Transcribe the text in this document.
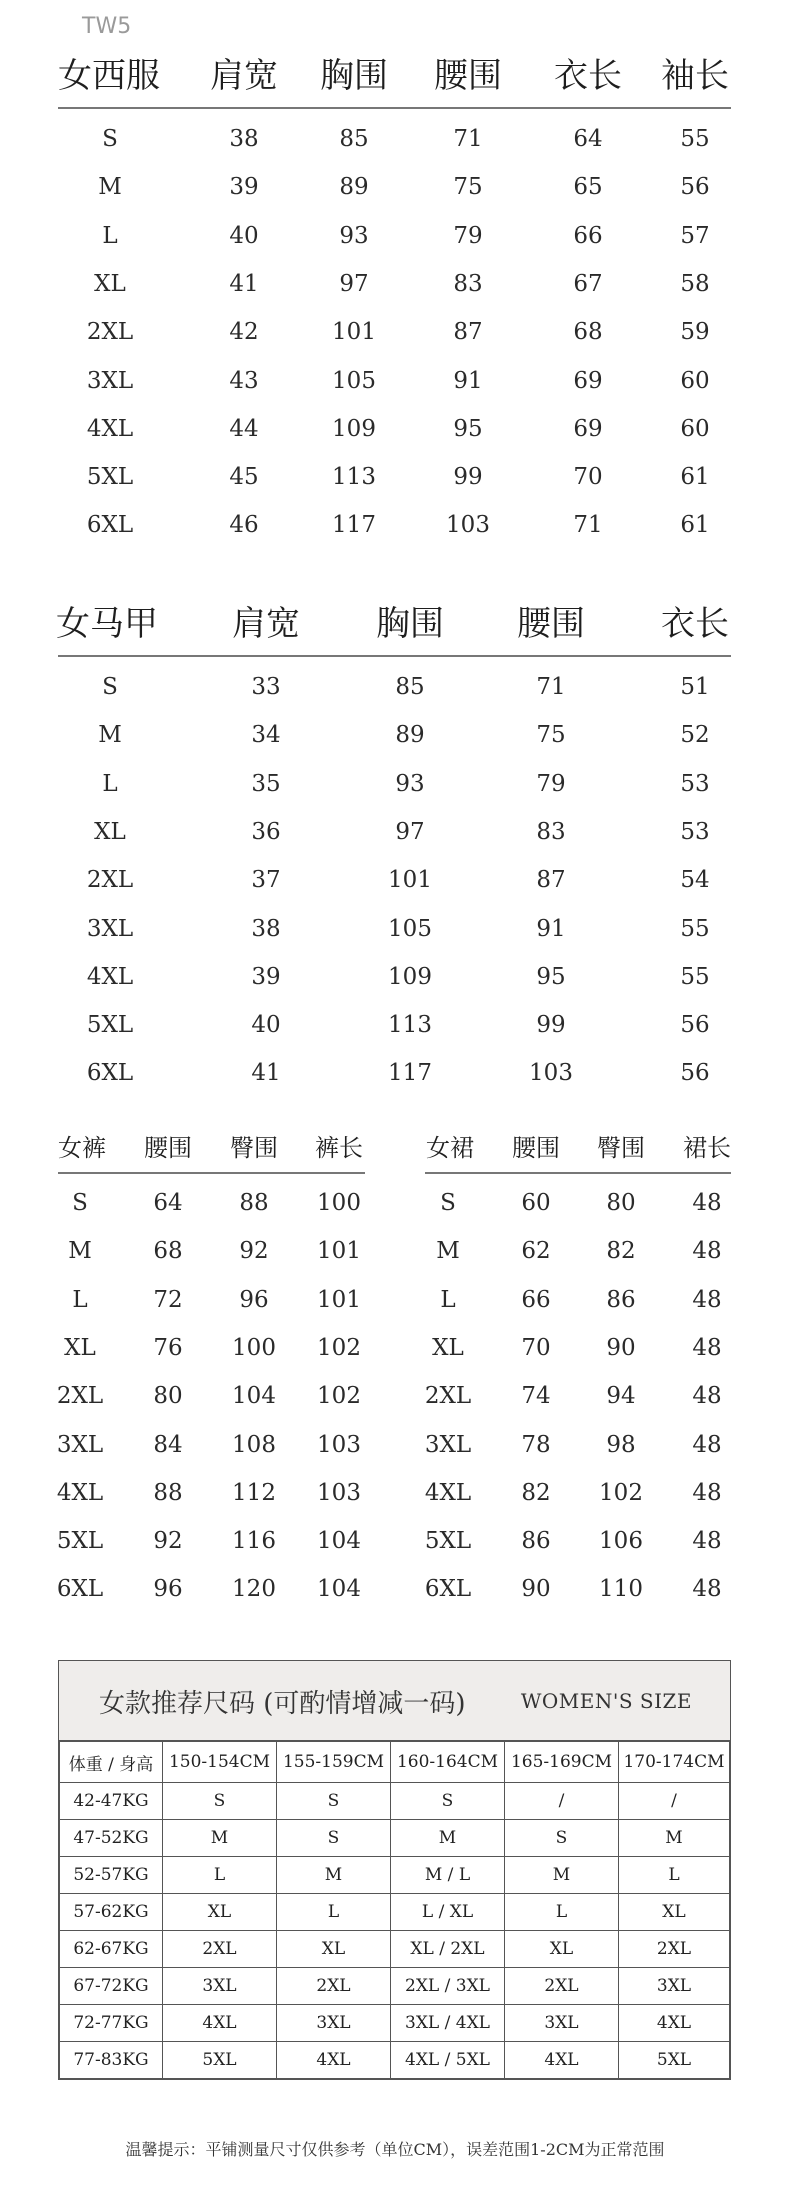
TW5
女西服 肩宽 胸围 腰围 衣长 袖长
S	38	85	71	64	55
M	39	89	75	65	56
L	40	93	79	66	57
XL	41	97	83	67	58
2XL	42	101	87	68	59
3XL	43	105	91	69	60
4XL	44	109	95	69	60
5XL	45	113	99	70	61
6XL	46	117	103	71	61
女马甲 肩宽 胸围 腰围 衣长
S	33	85	71	51
M	34	89	75	52
L	35	93	79	53
XL	36	97	83	53
2XL	37	101	87	54
3XL	38	105	91	55
4XL	39	109	95	55
5XL	40	113	99	56
6XL	41	117	103	56
女裤 腰围 臀围 裤长
S	64 88 100
M	68 92 101
L	72 96 101
XL	76 100 102
2XL 80 104 102
3XL 84 108 103
4XL 88 112 103
5XL 92 116 104
6XL 96 120 104
女裙 腰围 臀围 裙长
S	60 80 48
M	62 82 48
L	66 86 48
XL	70 90 48
2XL 74 94 48
3XL 78 98 48
4XL 82 102 48
5XL 86 106 48
6XL 90 110 48
女款推荐尺码 (可酌情增减一码)	WOMEN'S SIZE
体重 / 身高	150-154CM	155-159CM	160-164CM	165-169CM	170-174CM
42-47KG	S	S	S	/	/
47-52KG	M	S	M	S	M
52-57KG	L	M	M / L	M	L
57-62KG	XL	L	L / XL	L	XL
62-67KG	2XL	XL	XL / 2XL	XL	2XL
67-72KG	3XL	2XL	2XL / 3XL	2XL	3XL
72-77KG	4XL	3XL	3XL / 4XL	3XL	4XL
77-83KG	5XL	4XL	4XL / 5XL	4XL	5XL
温馨提示：平铺测量尺寸仅供参考（单位CM），误差范围1-2CM为正常范围
